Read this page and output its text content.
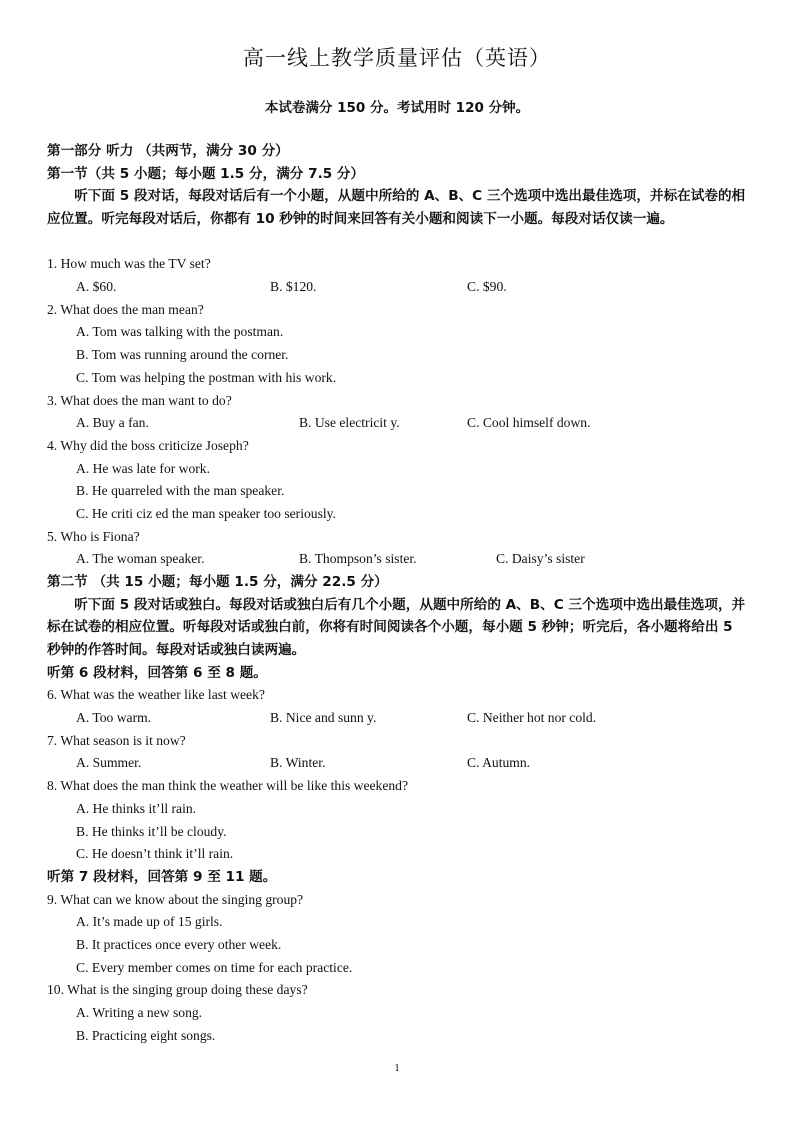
高一线上教学质量评估（英语）
本试卷满分 150 分。考试用时 120 分钟。
第一部分 听力 （共两节，满分 30 分）
第一节（共 5 小题；每小题 1.5 分，满分 7.5 分）
听下面 5 段对话，每段对话后有一个小题，从题中所给的 A、B、C 三个选项中选出最佳选项，并标在试卷的相应位置。听完每段对话后，你都有 10 秒钟的时间来回答有关小题和阅读下一小题。每段对话仅读一遍。
1. How much was the TV set?
A. $60.	B. $120.	C. $90.
2. What does the man mean?
A. Tom was talking with the postman.
B. Tom was running around the corner.
C. Tom was helping the postman with his work.
3. What does the man want to do?
A. Buy a fan.	B. Use electricit y.	C. Cool himself down.
4. Why did the boss criticize Joseph?
A. He was late for work.
B. He quarreled with the man speaker.
C. He criti ciz ed the man speaker too seriously.
5. Who is Fiona?
A. The woman speaker.	B. Thompson’s sister.	C. Daisy’s sister
第二节 （共 15 小题；每小题 1.5 分，满分 22.5 分）
听下面 5 段对话或独白。每段对话或独白后有几个小题，从题中所给的 A、B、C 三个选项中选出最佳选项，并标在试卷的相应位置。听每段对话或独白前，你将有时间阅读各个小题，每小题 5 秒钟；听完后，各小题将给出 5 秒钟的作答时间。每段对话或独白读两遍。
听第 6 段材料，回答第 6 至 8 题。
6. What was the weather like last week?
A. Too warm.	B. Nice and sunn y.	C. Neither hot nor cold.
7. What season is it now?
A. Summer.	B. Winter.	C. Autumn.
8. What does the man think the weather will be like this weekend?
A. He thinks it’ll rain.
B. He thinks it’ll be cloudy.
C. He doesn’t think it’ll rain.
听第 7 段材料，回答第 9 至 11 题。
9. What can we know about the singing group?
A. It’s made up of 15 girls.
B. It practices once every other week.
C. Every member comes on time for each practice.
10. What is the singing group doing these days?
A. Writing a new song.
B. Practicing eight songs.
1
